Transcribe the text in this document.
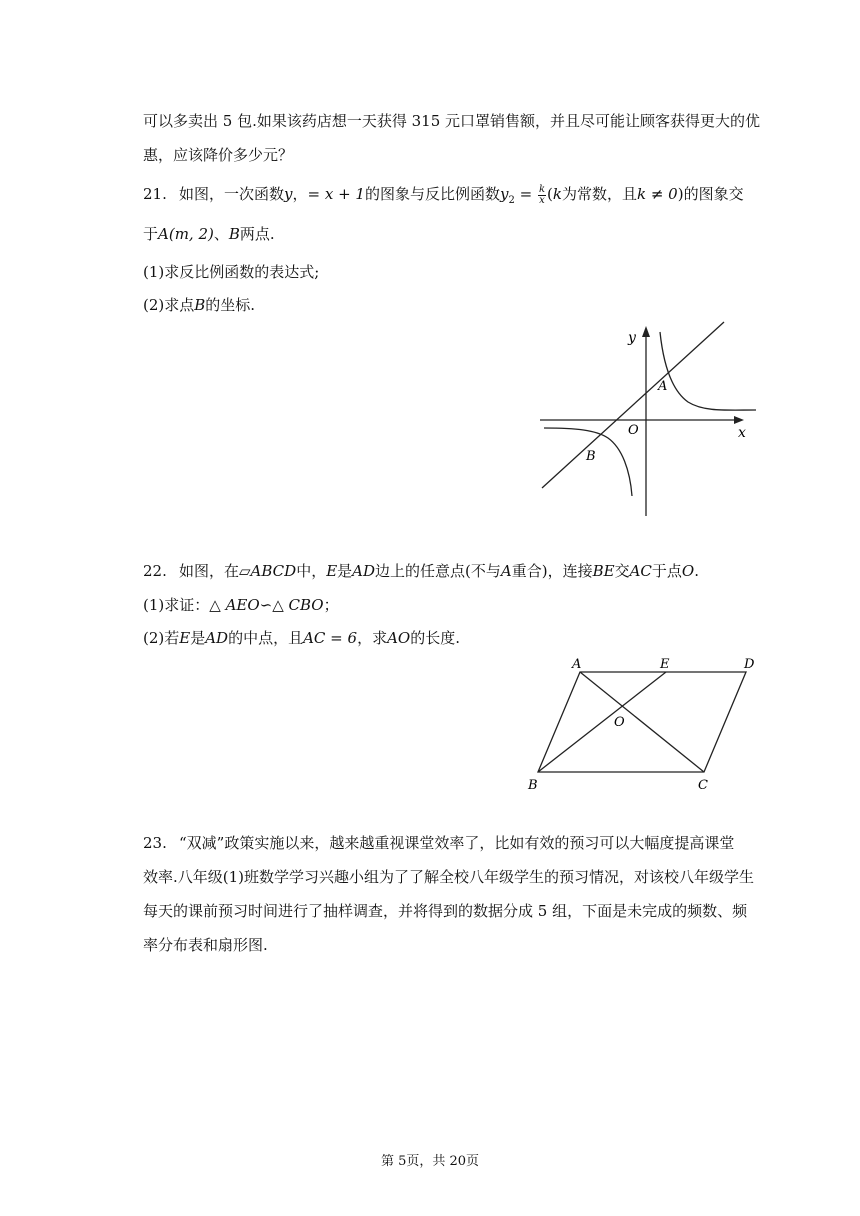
可以多卖出 5 包.如果该药店想一天获得 315 元口罩销售额，并且尽可能让顾客获得更大的优
惠，应该降价多少元？
21. 如图，一次函数y，= x + 1的图象与反比例函数$y_2 = \frac{k}{x} (k$为常数，且k ≠ 0)的图象交
于A(m, 2)、B两点.
(1)求反比例函数的表达式;
(2)求点B的坐标.
y
x
O
A
B
22. 如图，在▱ABCD中，E是AD边上的任意点(不与A重合)，连接BE交AC于点O.
(1)求证：△ AEO∽△ CBO；
(2)若E是AD的中点，且AC = 6，求AO的长度.
A	E	D
O
B	C
23. “双减”政策实施以来，越来越重视课堂效率了，比如有效的预习可以大幅度提高课堂
效率.八年级(1)班数学学习兴趣小组为了了解全校八年级学生的预习情况，对该校八年级学生
每天的课前预习时间进行了抽样调查，并将得到的数据分成 5 组，下面是未完成的频数、频
率分布表和扇形图.
第 5页，共 20页
